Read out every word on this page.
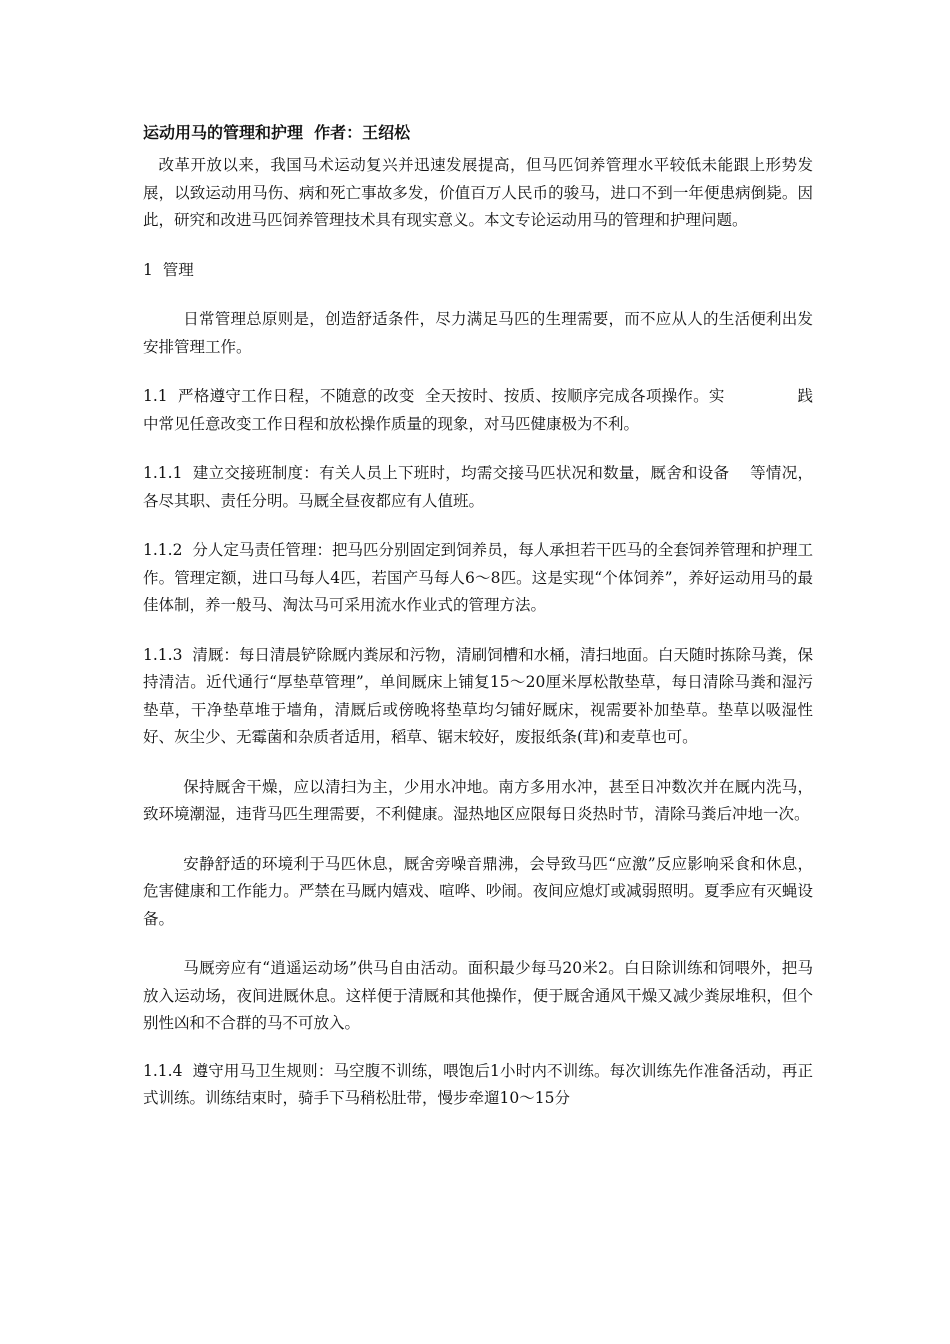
运动用马的管理和护理  作者：王绍松

改革开放以来，我国马术运动复兴并迅速发展提高，但马匹饲养管理水平较低未能跟上形势发展，以致运动用马伤、病和死亡事故多发，价值百万人民币的骏马，进口不到一年便患病倒毙。因此，研究和改进马匹饲养管理技术具有现实意义。本文专论运动用马的管理和护理问题。

1  管理

日常管理总原则是，创造舒适条件，尽力满足马匹的生理需要，而不应从人的生活便利出发安排管理工作。

1.1  严格遵守工作日程，不随意的改变  全天按时、按质、按顺序完成各项操作。实              践中常见任意改变工作日程和放松操作质量的现象，对马匹健康极为不利。

1.1.1  建立交接班制度：有关人员上下班时，均需交接马匹状况和数量，厩舍和设备    等情况，各尽其职、责任分明。马厩全昼夜都应有人值班。

1.1.2  分人定马责任管理：把马匹分别固定到饲养员，每人承担若干匹马的全套饲养管理和护理工作。管理定额，进口马每人4匹，若国产马每人6～8匹。这是实现“个体饲养”，养好运动用马的最佳体制，养一般马、淘汰马可采用流水作业式的管理方法。

1.1.3  清厩：每日清晨铲除厩内粪尿和污物，清刷饲槽和水桶，清扫地面。白天随时拣除马粪，保持清洁。近代通行“厚垫草管理”，单间厩床上铺复15～20厘米厚松散垫草，每日清除马粪和湿污垫草，干净垫草堆于墙角，清厩后或傍晚将垫草均匀铺好厩床，视需要补加垫草。垫草以吸湿性好、灰尘少、无霉菌和杂质者适用，稻草、锯末较好，废报纸条(茸)和麦草也可。

保持厩舍干燥，应以清扫为主，少用水冲地。南方多用水冲，甚至日冲数次并在厩内洗马，致环境潮湿，违背马匹生理需要，不利健康。湿热地区应限每日炎热时节，清除马粪后冲地一次。

安静舒适的环境利于马匹休息，厩舍旁噪音鼎沸，会导致马匹“应激”反应影响采食和休息，危害健康和工作能力。严禁在马厩内嬉戏、喧哗、吵闹。夜间应熄灯或减弱照明。夏季应有灭蝇设备。

马厩旁应有“逍遥运动场”供马自由活动。面积最少每马20米2。白日除训练和饲喂外，把马放入运动场，夜间进厩休息。这样便于清厩和其他操作，便于厩舍通风干燥又减少粪尿堆积，但个别性凶和不合群的马不可放入。

1.1.4  遵守用马卫生规则：马空腹不训练，喂饱后1小时内不训练。每次训练先作准备活动，再正式训练。训练结束时，骑手下马稍松肚带，慢步牵遛10～15分
